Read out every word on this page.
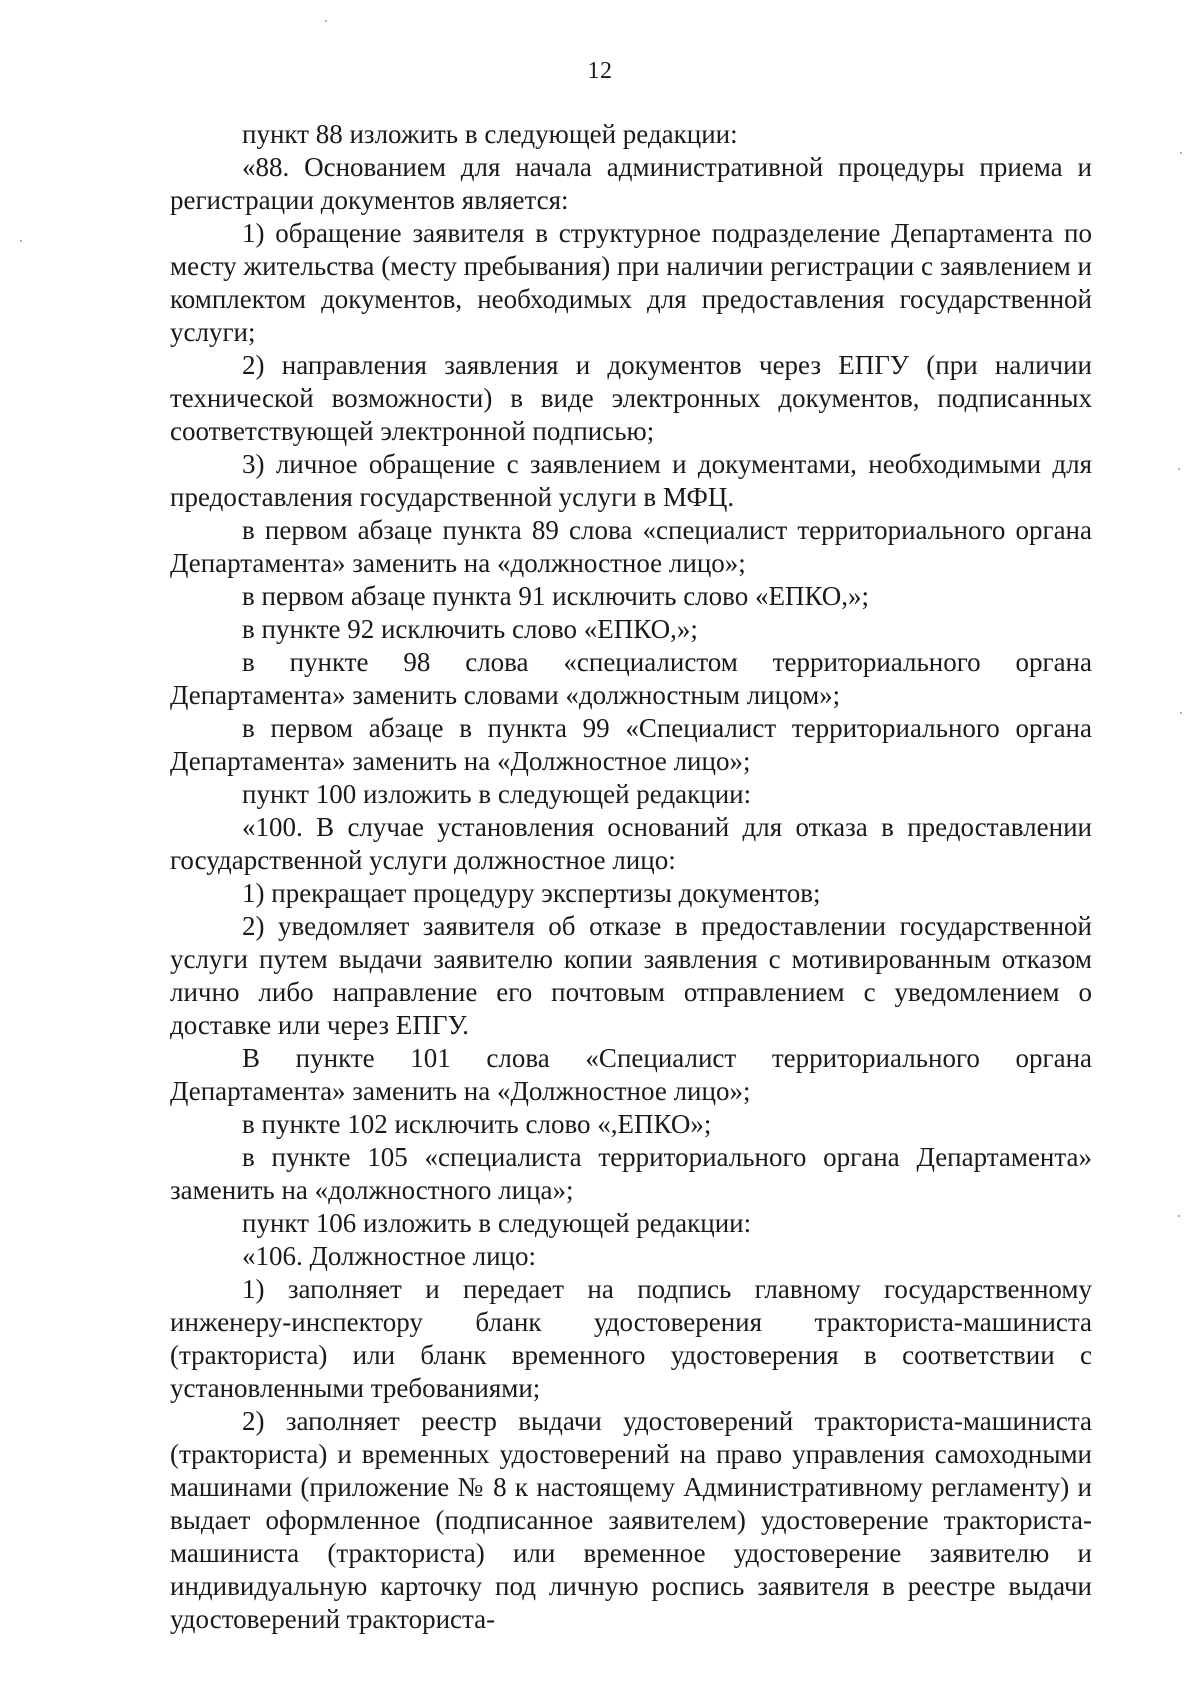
12

пункт 88 изложить в следующей редакции:

«88. Основанием для начала административной процедуры приема и регистрации документов является:

1) обращение заявителя в структурное подразделение Департамента по месту жительства (месту пребывания) при наличии регистрации с заявлением и комплектом документов, необходимых для предоставления государственной услуги;

2) направления заявления и документов через ЕПГУ (при наличии технической возможности) в виде электронных документов, подписанных соответствующей электронной подписью;

3) личное обращение с заявлением и документами, необходимыми для предоставления государственной услуги в МФЦ.

в первом абзаце пункта 89 слова «специалист территориального органа Департамента» заменить на «должностное лицо»;

в первом абзаце пункта 91 исключить слово «ЕПКО,»;

в пункте 92 исключить слово «ЕПКО,»;

в пункте 98 слова «специалистом территориального органа Департамента» заменить словами «должностным лицом»;

в первом абзаце в пункта 99 «Специалист территориального органа Департамента» заменить на «Должностное лицо»;

пункт 100 изложить в следующей редакции:

«100. В случае установления оснований для отказа в предоставлении государственной услуги должностное лицо:

1) прекращает процедуру экспертизы документов;

2) уведомляет заявителя об отказе в предоставлении государственной услуги путем выдачи заявителю копии заявления с мотивированным отказом лично либо направление его почтовым отправлением с уведомлением о доставке или через ЕПГУ.

В пункте 101 слова «Специалист территориального органа Департамента» заменить на «Должностное лицо»;

в пункте 102 исключить слово «,ЕПКО»;

в пункте 105 «специалиста территориального органа Департамента» заменить на «должностного лица»;

пункт 106 изложить в следующей редакции:

«106. Должностное лицо:

1) заполняет и передает на подпись главному государственному инженеру-инспектору бланк удостоверения тракториста-машиниста (тракториста) или бланк временного удостоверения в соответствии с установленными требованиями;

2) заполняет реестр выдачи удостоверений тракториста-машиниста (тракториста) и временных удостоверений на право управления самоходными машинами (приложение № 8 к настоящему Административному регламенту) и выдает оформленное (подписанное заявителем) удостоверение тракториста-машиниста (тракториста) или временное удостоверение заявителю и индивидуальную карточку под личную роспись заявителя в реестре выдачи удостоверений тракториста-
